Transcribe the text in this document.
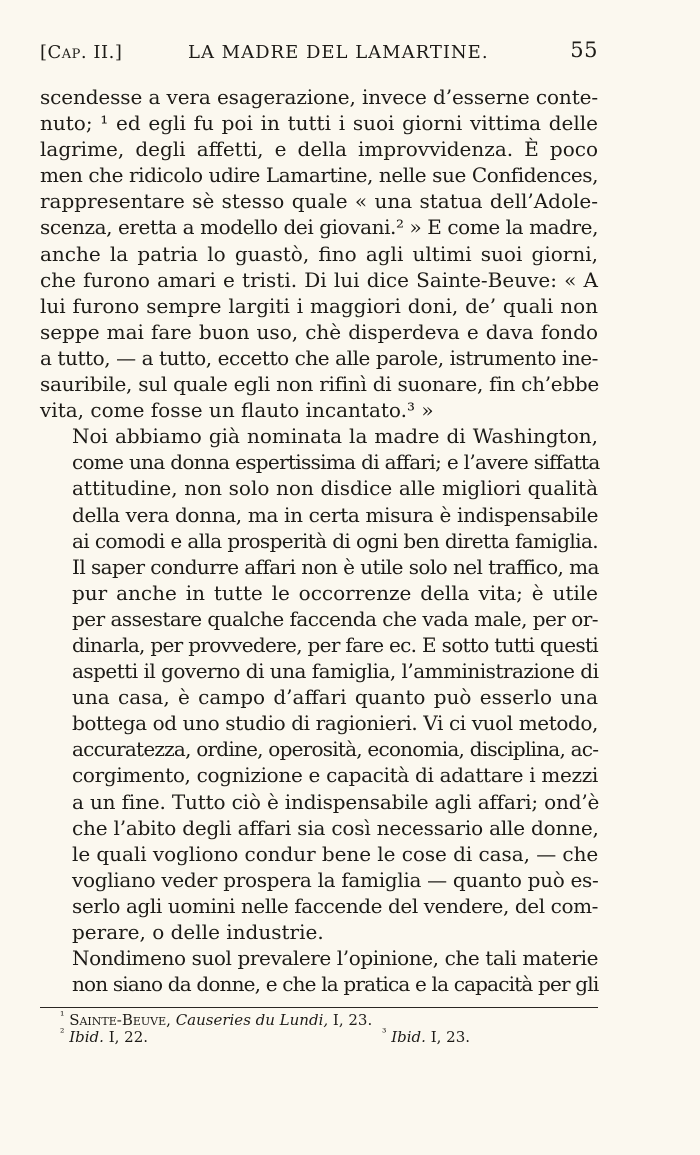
[Cap. II.]	LA MADRE DEL LAMARTINE.	55

scendesse a vera esagerazione, invece d’esserne conte-
nuto; ¹ ed egli fu poi in tutti i suoi giorni vittima delle
lagrime, degli affetti, e della improvvidenza. È poco
men che ridicolo udire Lamartine, nelle sue Confidences,
rappresentare sè stesso quale « una statua dell’Adole-
scenza, eretta a modello dei giovani.² » E come la madre,
anche la patria lo guastò, fino agli ultimi suoi giorni,
che furono amari e tristi. Di lui dice Sainte-Beuve: « A
lui furono sempre largiti i maggiori doni, de’ quali non
seppe mai fare buon uso, chè disperdeva e dava fondo
a tutto, — a tutto, eccetto che alle parole, istrumento ine-
sauribile, sul quale egli non rifinì di suonare, fin ch’ebbe
vita, come fosse un flauto incantato.³ »

Noi abbiamo già nominata la madre di Washington,
come una donna espertissima di affari; e l’avere siffatta
attitudine, non solo non disdice alle migliori qualità
della vera donna, ma in certa misura è indispensabile
ai comodi e alla prosperità di ogni ben diretta famiglia.
Il saper condurre affari non è utile solo nel traffico, ma
pur anche in tutte le occorrenze della vita; è utile
per assestare qualche faccenda che vada male, per or-
dinarla, per provvedere, per fare ec. E sotto tutti questi
aspetti il governo di una famiglia, l’amministrazione di
una casa, è campo d’affari quanto può esserlo una
bottega od uno studio di ragionieri. Vi ci vuol metodo,
accuratezza, ordine, operosità, economia, disciplina, ac-
corgimento, cognizione e capacità di adattare i mezzi
a un fine. Tutto ciò è indispensabile agli affari; ond’è
che l’abito degli affari sia così necessario alle donne,
le quali vogliono condur bene le cose di casa, — che
vogliano veder prospera la famiglia — quanto può es-
serlo agli uomini nelle faccende del vendere, del com-
perare, o delle industrie.

Nondimeno suol prevalere l’opinione, che tali materie
non siano da donne, e che la pratica e la capacità per gli

$^{^1}$ Sainte-Beuve, Causeries du Lundi, I, 23.
$^{^2}$ Ibid. I, 22.	$^{^3}$ Ibid. I, 23.
